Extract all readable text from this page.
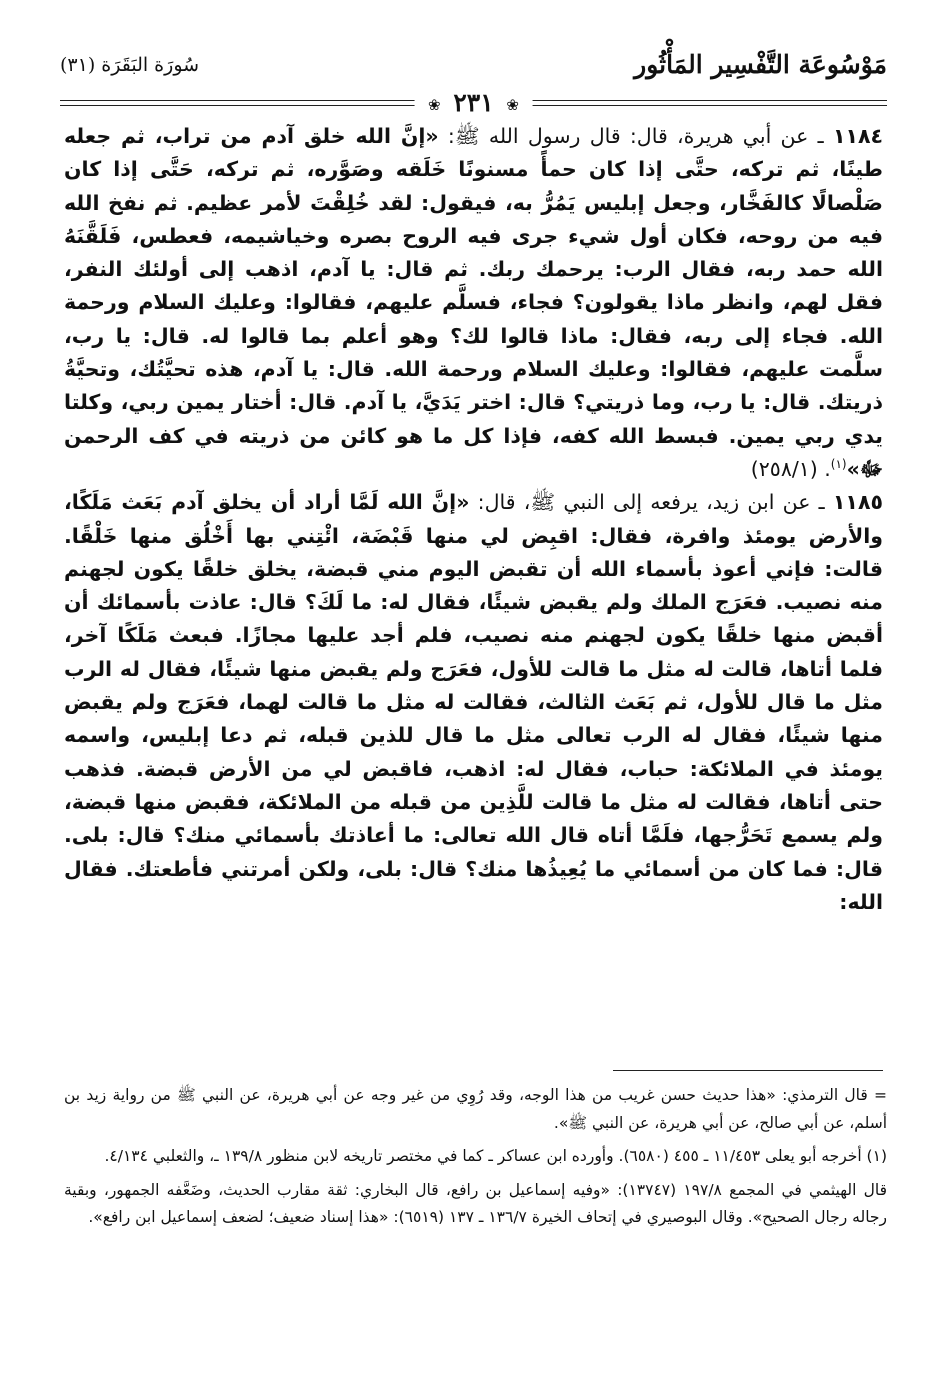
مَوْسُوعَة التَّفْسِير المَأْثُور
سُورَة البَقَرَة (٣١)
❀ ٢٣١ ❀

١١٨٤ ـ عن أبي هريرة، قال: قال رسول الله ﷺ: «إنَّ الله خلق آدم من تراب، ثم جعله طينًا، ثم تركه، حتَّى إذا كان حمأً مسنونًا خَلَقه وصَوَّره، ثم تركه، حَتَّى إذا كان صَلْصالًا كالفَخَّار، وجعل إبليس يَمُرُّ به، فيقول: لقد خُلِقْتَ لأمر عظيم. ثم نفخ الله فيه من روحه، فكان أول شيء جرى فيه الروح بصره وخياشيمه، فعطس، فَلَقَّنَهُ الله حمد ربه، فقال الرب: يرحمك ربك. ثم قال: يا آدم، اذهب إلى أولئك النفر، فقل لهم، وانظر ماذا يقولون؟ فجاء، فسلَّم عليهم، فقالوا: وعليك السلام ورحمة الله. فجاء إلى ربه، فقال: ماذا قالوا لك؟ وهو أعلم بما قالوا له. قال: يا رب، سلَّمت عليهم، فقالوا: وعليك السلام ورحمة الله. قال: يا آدم، هذه تحيَّتُك، وتحيَّةُ ذريتك. قال: يا رب، وما ذريتي؟ قال: اختر يَدَيَّ، يا آدم. قال: أختار يمين ربي، وكلتا يدي ربي يمين. فبسط الله كفه، فإذا كل ما هو كائن من ذريته في كف الرحمن ﷻ»$^{(١)}$. (٢٥٨/١)

١١٨٥ ـ عن ابن زيد، يرفعه إلى النبي ﷺ، قال: «إنَّ الله لَمَّا أراد أن يخلق آدم بَعَث مَلَكًا، والأرض يومئذ وافرة، فقال: اقبِض لي منها قَبْضَة، ائْتِني بها أَخْلُق منها خَلْقًا. قالت: فإني أعوذ بأسماء الله أن تقبض اليوم مني قبضة، يخلق خلقًا يكون لجهنم منه نصيب. فعَرَج الملك ولم يقبض شيئًا، فقال له: ما لَكَ؟ قال: عاذت بأسمائك أن أقبض منها خلقًا يكون لجهنم منه نصيب، فلم أجد عليها مجازًا. فبعث مَلَكًا آخر، فلما أتاها، قالت له مثل ما قالت للأول، فعَرَج ولم يقبض منها شيئًا، فقال له الرب مثل ما قال للأول، ثم بَعَث الثالث، فقالت له مثل ما قالت لهما، فعَرَج ولم يقبض منها شيئًا، فقال له الرب تعالى مثل ما قال للذين قبله، ثم دعا إبليس، واسمه يومئذ في الملائكة: حباب، فقال له: اذهب، فاقبض لي من الأرض قبضة. فذهب حتى أتاها، فقالت له مثل ما قالت للَّذِين من قبله من الملائكة، فقبض منها قبضة، ولم يسمع تَحَرُّجها، فلَمَّا أتاه قال الله تعالى: ما أعاذتك بأسمائي منك؟ قال: بلى. قال: فما كان من أسمائي ما يُعِيذُها منك؟ قال: بلى، ولكن أمرتني فأطعتك. فقال الله:

= قال الترمذي: «هذا حديث حسن غريب من هذا الوجه، وقد رُوِي من غير وجه عن أبي هريرة، عن النبي ﷺ من رواية زيد بن أسلم، عن أبي صالح، عن أبي هريرة، عن النبي ﷺ».

(١) أخرجه أبو يعلى ١١/٤٥٣ ـ ٤٥٥ (٦٥٨٠). وأورده ابن عساكر ـ كما في مختصر تاريخه لابن منظور ١٣٩/٨ ـ، والثعلبي ٤/١٣٤.

قال الهيثمي في المجمع ١٩٧/٨ (١٣٧٤٧): «وفيه إسماعيل بن رافع، قال البخاري: ثقة مقارب الحديث، وضَعَّفه الجمهور، وبقية رجاله رجال الصحيح». وقال البوصيري في إتحاف الخيرة ١٣٦/٧ ـ ١٣٧ (٦٥١٩): «هذا إسناد ضعيف؛ لضعف إسماعيل ابن رافع».
